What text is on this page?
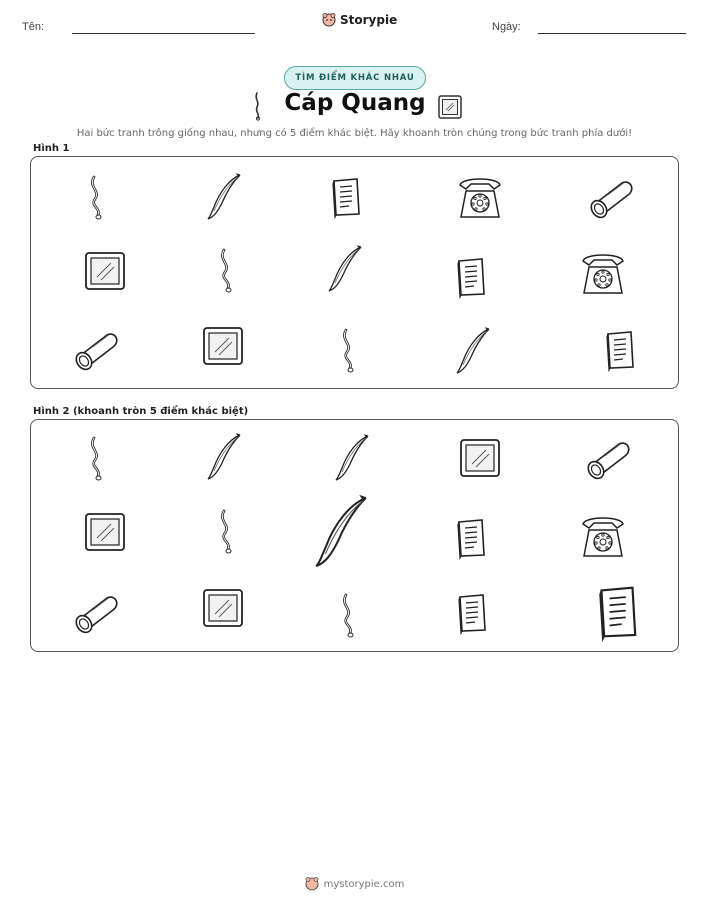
Tên:	Storypie	Ngày:
TÌM ĐIỂM KHÁC NHAU
Cáp Quang
Hai bức tranh trông giống nhau, nhưng có 5 điểm khác biệt. Hãy khoanh tròn chúng trong bức tranh phía dưới!
Hình 1
Hình 2 (khoanh tròn 5 điểm khác biệt)
mystorypie.com
